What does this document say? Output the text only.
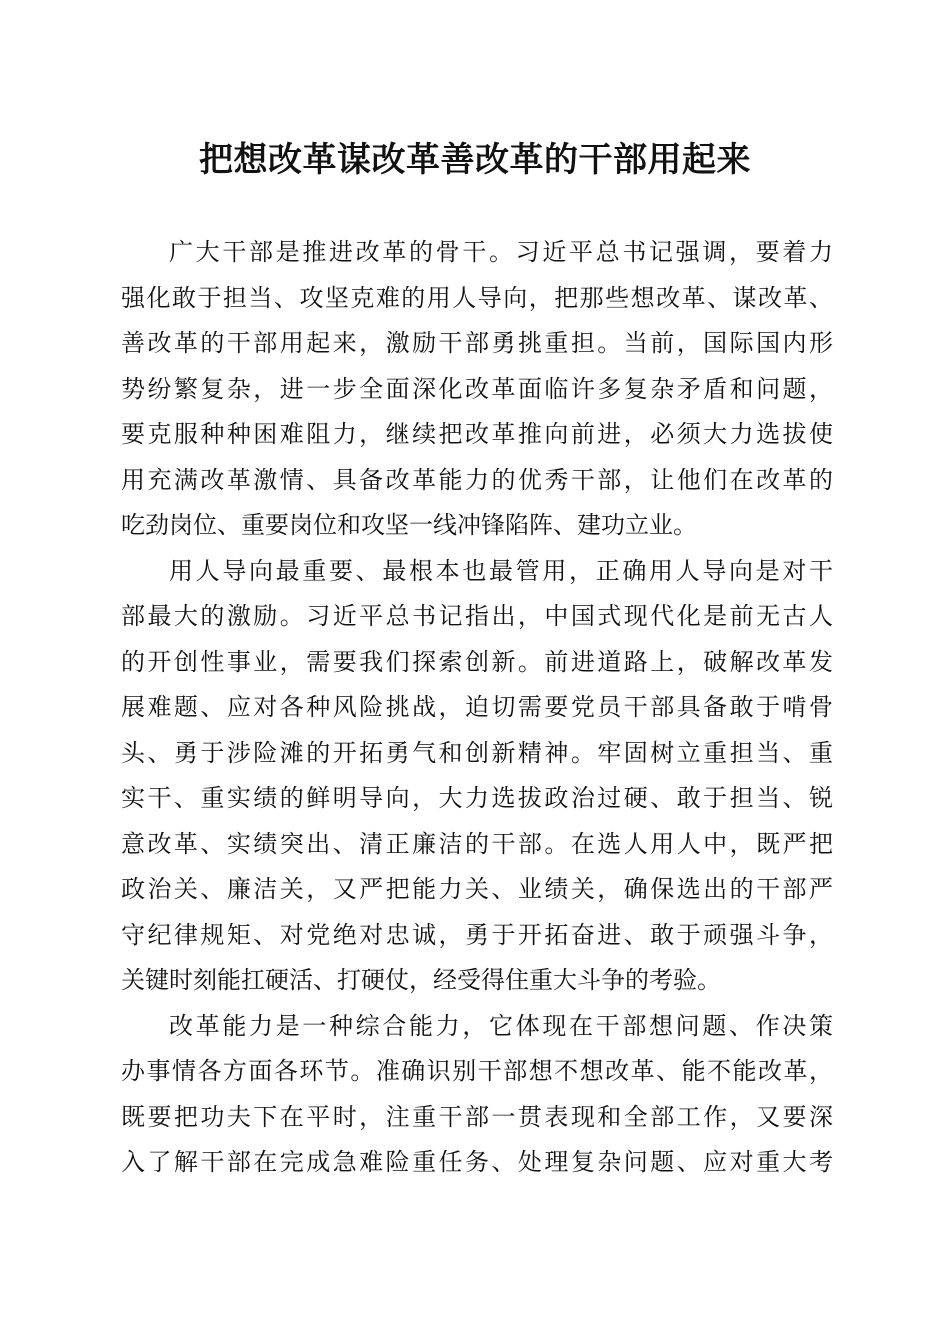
把想改革谋改革善改革的干部用起来
广大干部是推进改革的骨干。习近平总书记强调，要着力
强化敢于担当、攻坚克难的用人导向，把那些想改革、谋改革、
善改革的干部用起来，激励干部勇挑重担。当前，国际国内形
势纷繁复杂，进一步全面深化改革面临许多复杂矛盾和问题，
要克服种种困难阻力，继续把改革推向前进，必须大力选拔使
用充满改革激情、具备改革能力的优秀干部，让他们在改革的
吃劲岗位、重要岗位和攻坚一线冲锋陷阵、建功立业。
用人导向最重要、最根本也最管用，正确用人导向是对干
部最大的激励。习近平总书记指出，中国式现代化是前无古人
的开创性事业，需要我们探索创新。前进道路上，破解改革发
展难题、应对各种风险挑战，迫切需要党员干部具备敢于啃骨
头、勇于涉险滩的开拓勇气和创新精神。牢固树立重担当、重
实干、重实绩的鲜明导向，大力选拔政治过硬、敢于担当、锐
意改革、实绩突出、清正廉洁的干部。在选人用人中，既严把
政治关、廉洁关，又严把能力关、业绩关，确保选出的干部严
守纪律规矩、对党绝对忠诚，勇于开拓奋进、敢于顽强斗争，
关键时刻能扛硬活、打硬仗，经受得住重大斗争的考验。
改革能力是一种综合能力，它体现在干部想问题、作决策
办事情各方面各环节。准确识别干部想不想改革、能不能改革，
既要把功夫下在平时，注重干部一贯表现和全部工作，又要深
入了解干部在完成急难险重任务、处理复杂问题、应对重大考
